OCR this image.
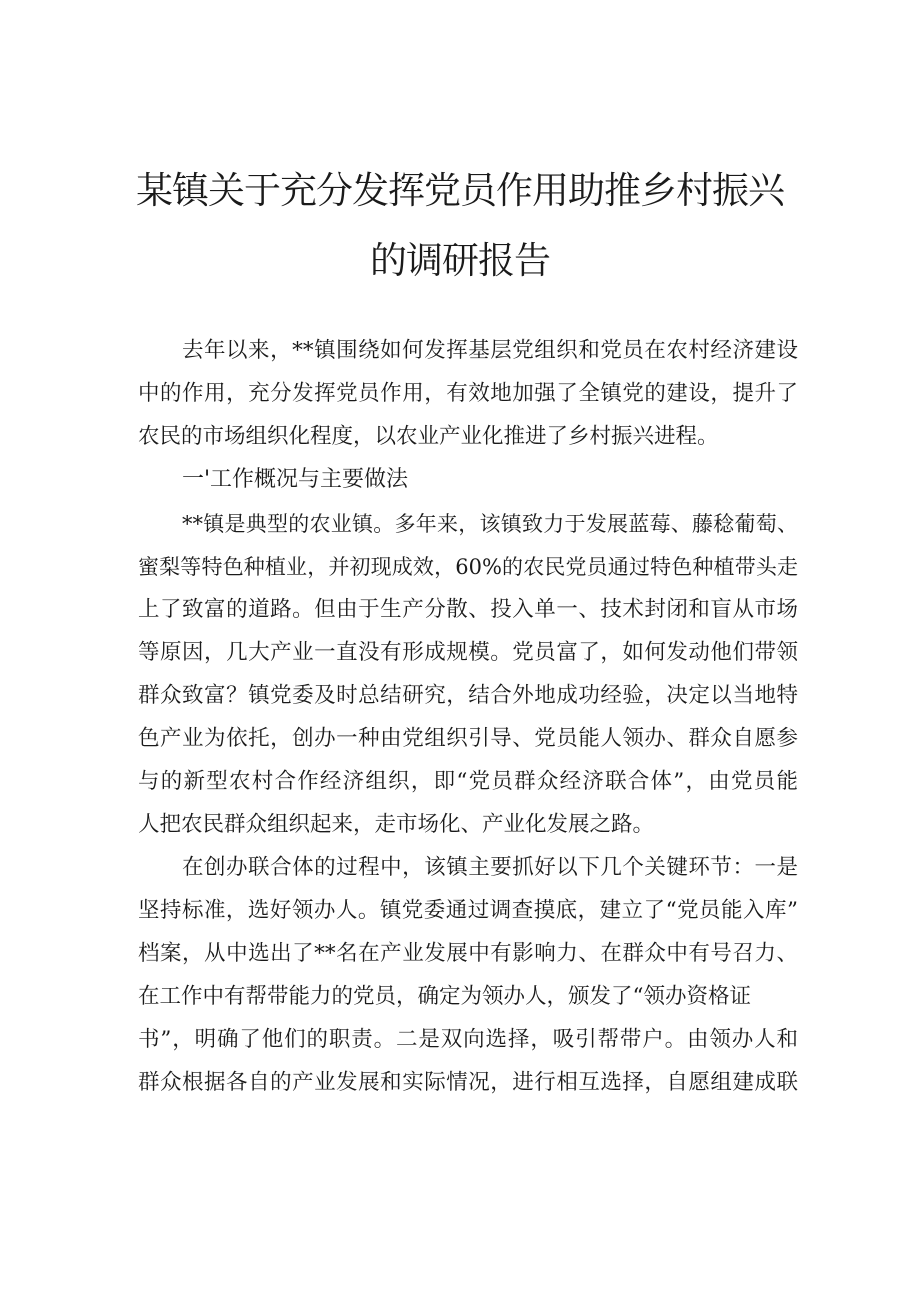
某镇关于充分发挥党员作用助推乡村振兴
的调研报告
去年以来，**镇围绕如何发挥基层党组织和党员在农村经济建设
中的作用，充分发挥党员作用，有效地加强了全镇党的建设，提升了
农民的市场组织化程度，以农业产业化推进了乡村振兴进程。
一'工作概况与主要做法
**镇是典型的农业镇。多年来，该镇致力于发展蓝莓、藤稔葡萄、
蜜梨等特色种植业，并初现成效，60%的农民党员通过特色种植带头走
上了致富的道路。但由于生产分散、投入单一、技术封闭和盲从市场
等原因，几大产业一直没有形成规模。党员富了，如何发动他们带领
群众致富？镇党委及时总结研究，结合外地成功经验，决定以当地特
色产业为依托，创办一种由党组织引导、党员能人领办、群众自愿参
与的新型农村合作经济组织，即“党员群众经济联合体”，由党员能
人把农民群众组织起来，走市场化、产业化发展之路。
在创办联合体的过程中，该镇主要抓好以下几个关键环节：一是
坚持标准，选好领办人。镇党委通过调查摸底，建立了“党员能入库”
档案，从中选出了**名在产业发展中有影响力、在群众中有号召力、
在工作中有帮带能力的党员，确定为领办人，颁发了“领办资格证
书”，明确了他们的职责。二是双向选择，吸引帮带户。由领办人和
群众根据各自的产业发展和实际情况，进行相互选择，自愿组建成联
